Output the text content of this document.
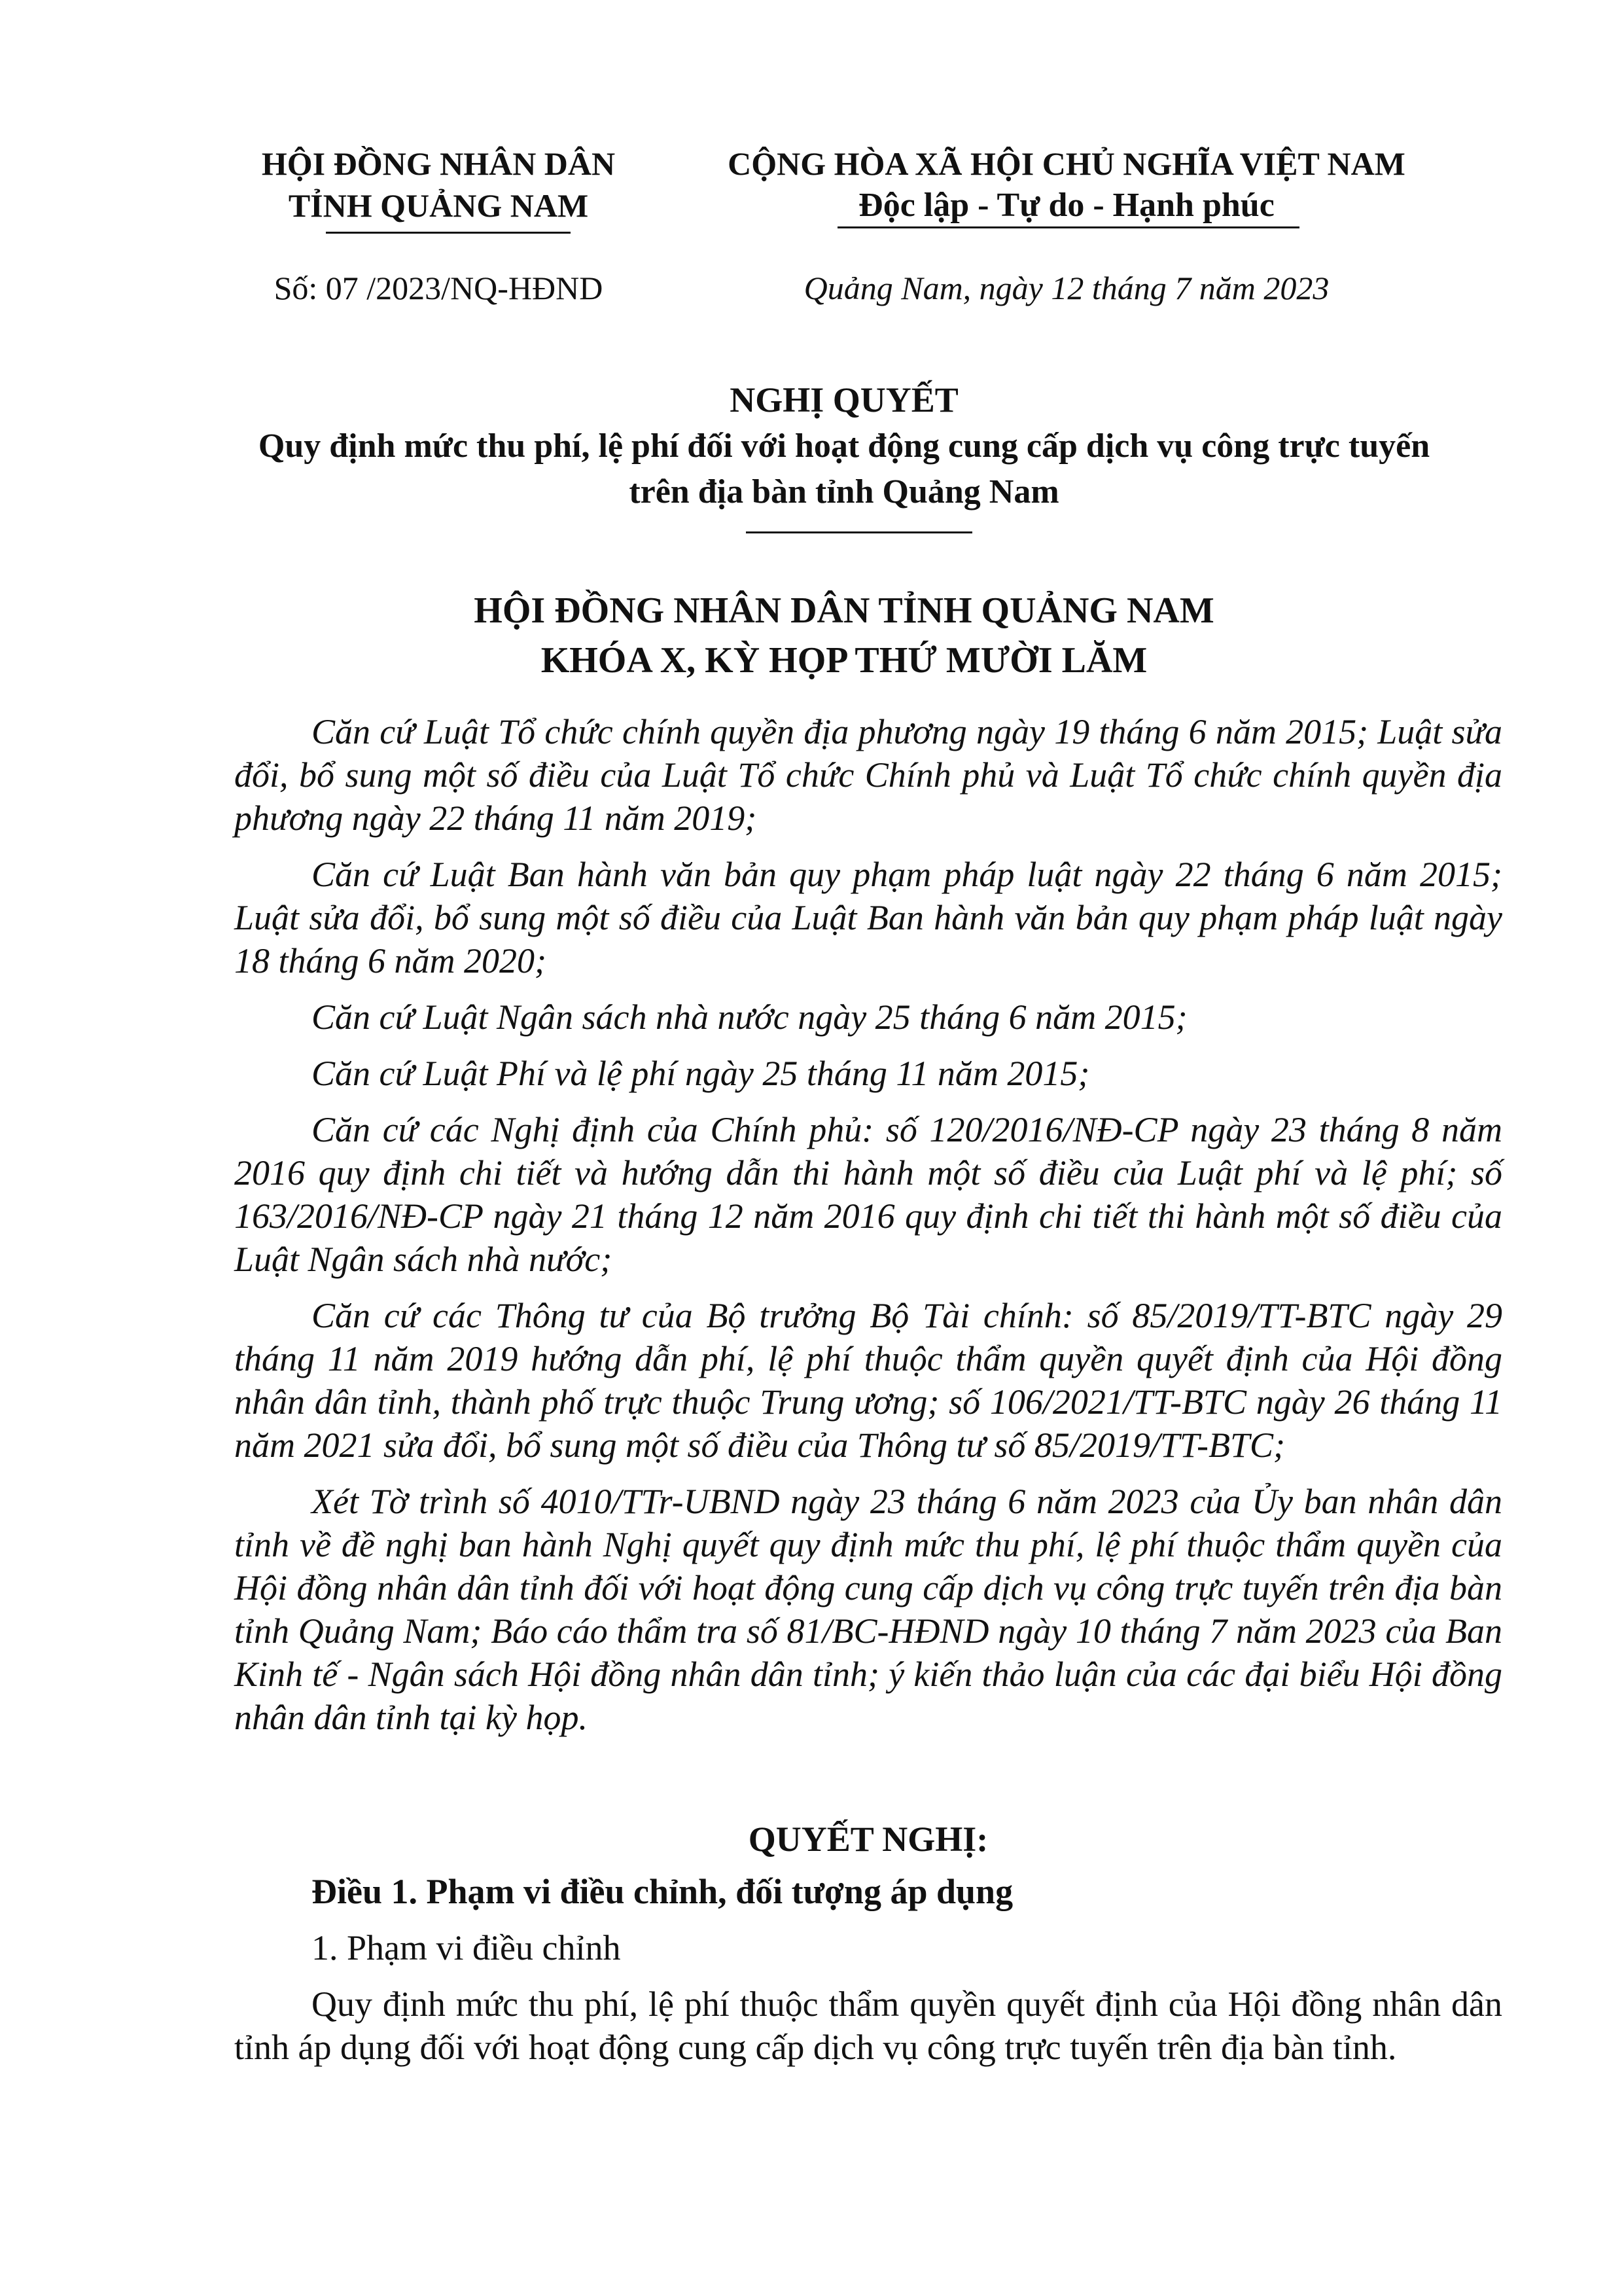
HỘI ĐỒNG NHÂN DÂN
TỈNH QUẢNG NAM
CỘNG HÒA XÃ HỘI CHỦ NGHĨA VIỆT NAM
Độc lập - Tự do - Hạnh phúc
Số: 07 /2023/NQ-HĐND	Quảng Nam, ngày 12 tháng 7 năm 2023
NGHỊ QUYẾT
Quy định mức thu phí, lệ phí đối với hoạt động cung cấp dịch vụ công trực tuyến
trên địa bàn tỉnh Quảng Nam
HỘI ĐỒNG NHÂN DÂN TỈNH QUẢNG NAM
KHÓA X, KỲ HỌP THỨ MƯỜI LĂM

Căn cứ Luật Tổ chức chính quyền địa phương ngày 19 tháng 6 năm 2015; Luật sửa đổi, bổ sung một số điều của Luật Tổ chức Chính phủ và Luật Tổ chức chính quyền địa phương ngày 22 tháng 11 năm 2019;

Căn cứ Luật Ban hành văn bản quy phạm pháp luật ngày 22 tháng 6 năm 2015; Luật sửa đổi, bổ sung một số điều của Luật Ban hành văn bản quy phạm pháp luật ngày 18 tháng 6 năm 2020;

Căn cứ Luật Ngân sách nhà nước ngày 25 tháng 6 năm 2015;

Căn cứ Luật Phí và lệ phí ngày 25 tháng 11 năm 2015;

Căn cứ các Nghị định của Chính phủ: số 120/2016/NĐ-CP ngày 23 tháng 8 năm 2016 quy định chi tiết và hướng dẫn thi hành một số điều của Luật phí và lệ phí; số 163/2016/NĐ-CP ngày 21 tháng 12 năm 2016 quy định chi tiết thi hành một số điều của Luật Ngân sách nhà nước;

Căn cứ các Thông tư của Bộ trưởng Bộ Tài chính: số 85/2019/TT-BTC ngày 29 tháng 11 năm 2019 hướng dẫn phí, lệ phí thuộc thẩm quyền quyết định của Hội đồng nhân dân tỉnh, thành phố trực thuộc Trung ương; số 106/2021/TT-BTC ngày 26 tháng 11 năm 2021 sửa đổi, bổ sung một số điều của Thông tư số 85/2019/TT-BTC;

Xét Tờ trình số 4010/TTr-UBND ngày 23 tháng 6 năm 2023 của Ủy ban nhân dân tỉnh về đề nghị ban hành Nghị quyết quy định mức thu phí, lệ phí thuộc thẩm quyền của Hội đồng nhân dân tỉnh đối với hoạt động cung cấp dịch vụ công trực tuyến trên địa bàn tỉnh Quảng Nam; Báo cáo thẩm tra số 81/BC-HĐND ngày 10 tháng 7 năm 2023 của Ban Kinh tế - Ngân sách Hội đồng nhân dân tỉnh; ý kiến thảo luận của các đại biểu Hội đồng nhân dân tỉnh tại kỳ họp.

QUYẾT NGHỊ:

Điều 1. Phạm vi điều chỉnh, đối tượng áp dụng

1. Phạm vi điều chỉnh

Quy định mức thu phí, lệ phí thuộc thẩm quyền quyết định của Hội đồng nhân dân tỉnh áp dụng đối với hoạt động cung cấp dịch vụ công trực tuyến trên địa bàn tỉnh.
